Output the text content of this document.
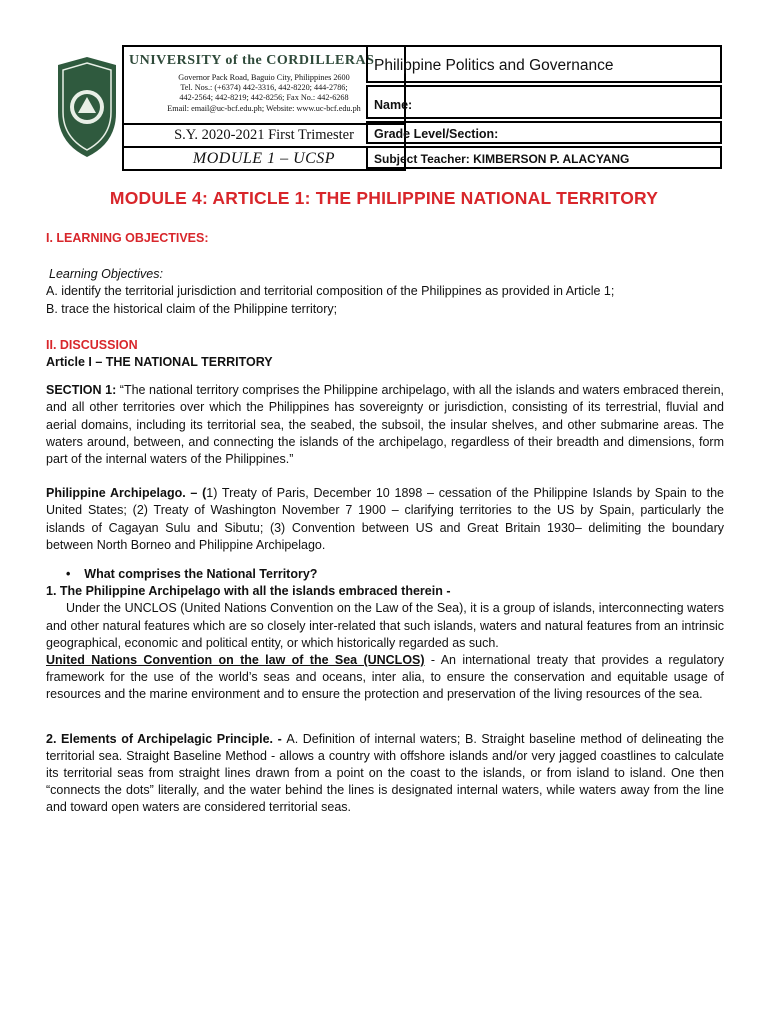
UNIVERSITY of the CORDILLERAS
Governor Pack Road, Baguio City, Philippines 2600
Tel. Nos.: (+6374) 442-3316, 442-8220; 444-2786;
442-2564; 442-8219; 442-8256; Fax No.: 442-6268
Email: email@uc-bcf.edu.ph; Website: www.uc-bcf.edu.ph
S.Y. 2020-2021 First Trimester
MODULE 1 – UCSP
Philippine Politics and Governance
Name:
Grade Level/Section:
Subject Teacher: KIMBERSON P. ALACYANG
MODULE 4: ARTICLE 1: THE PHILIPPINE NATIONAL TERRITORY

I. LEARNING OBJECTIVES:

Learning Objectives:

A. identify the territorial jurisdiction and territorial composition of the Philippines as provided in Article 1;

B. trace the historical claim of the Philippine territory;

II. DISCUSSION

Article I – THE NATIONAL TERRITORY

SECTION 1: “The national territory comprises the Philippine archipelago, with all the islands and waters embraced therein, and all other territories over which the Philippines has sovereignty or jurisdiction, consisting of its terrestrial, fluvial and aerial domains, including its territorial sea, the seabed, the subsoil, the insular shelves, and other submarine areas. The waters around, between, and connecting the islands of the archipelago, regardless of their breadth and dimensions, form part of the internal waters of the Philippines.”

Philippine Archipelago. – (1) Treaty of Paris, December 10 1898 – cessation of the Philippine Islands by Spain to the United States; (2) Treaty of Washington November 7 1900 – clarifying territories to the US by Spain, particularly the islands of Cagayan Sulu and Sibutu; (3) Convention between US and Great Britain 1930– delimiting the boundary between North Borneo and Philippine Archipelago.

•    What comprises the National Territory?

1. The Philippine Archipelago with all the islands embraced therein -

Under the UNCLOS (United Nations Convention on the Law of the Sea), it is a group of islands, interconnecting waters and other natural features which are so closely inter-related that such islands, waters and natural features from an intrinsic geographical, economic and political entity, or which historically regarded as such.

United Nations Convention on the law of the Sea (UNCLOS) - An international treaty that provides a regulatory framework for the use of the world’s seas and oceans, inter alia, to ensure the conservation and equitable usage of resources and the marine environment and to ensure the protection and preservation of the living resources of the sea.

2. Elements of Archipelagic Principle. - A. Definition of internal waters; B. Straight baseline method of delineating the territorial sea. Straight Baseline Method - allows a country with offshore islands and/or very jagged coastlines to calculate its territorial seas from straight lines drawn from a point on the coast to the islands, or from island to island. One then “connects the dots” literally, and the water behind the lines is designated internal waters, while waters away from the line and toward open waters are considered territorial seas.
